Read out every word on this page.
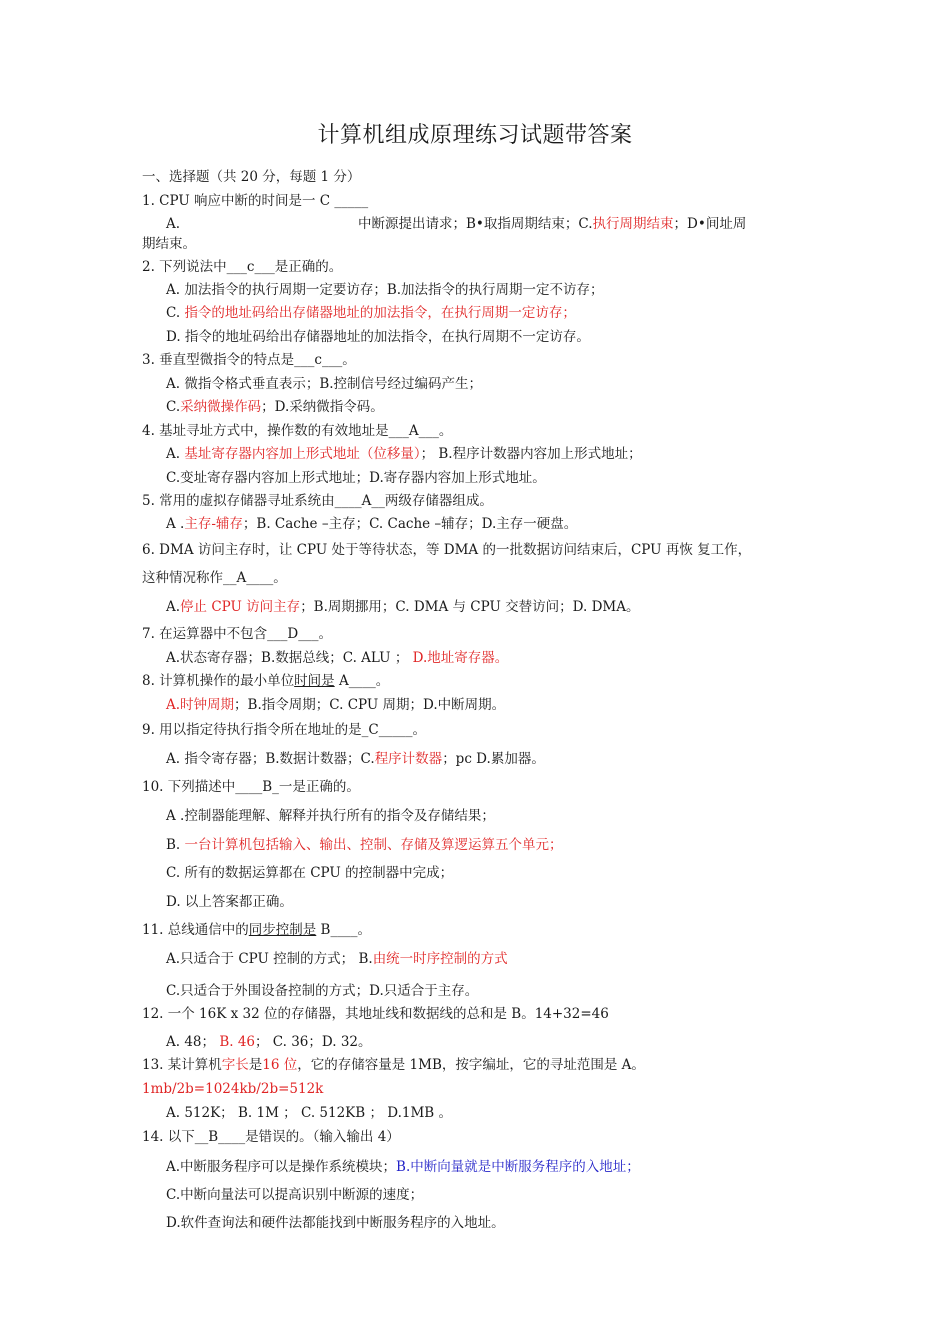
计算机组成原理练习试题带答案
一、选择题（共 20 分，每题 1 分）
1. CPU 响应中断的时间是一 C _____
A.	中断源提出请求；B•取指周期结束；C.执行周期结束；D•间址周
期结束。
2. 下列说法中___c___是正确的。
A. 加法指令的执行周期一定要访存；B.加法指令的执行周期一定不访存；
C. 指令的地址码给出存储器地址的加法指令，在执行周期一定访存；
D. 指令的地址码给出存储器地址的加法指令，在执行周期不一定访存。
3. 垂直型微指令的特点是___c___。
A. 微指令格式垂直表示；B.控制信号经过编码产生；
C.采纳微操作码；D.采纳微指令码。
4. 基址寻址方式中，操作数的有效地址是___A___。
A. 基址寄存器内容加上形式地址（位移量）； B.程序计数器内容加上形式地址；
C.变址寄存器内容加上形式地址；D.寄存器内容加上形式地址。
5. 常用的虚拟存储器寻址系统由____A__两级存储器组成。
A .主存-辅存；B. Cache –主存；C. Cache –辅存；D.主存一硬盘。
6. DMA 访问主存时，让 CPU 处于等待状态，等 DMA 的一批数据访问结束后，CPU 再恢 复工作，
这种情况称作__A____。
A.停止 CPU 访问主存；B.周期挪用；C. DMA 与 CPU 交替访问；D. DMA。
7. 在运算器中不包含___D___。
A.状态寄存器；B.数据总线；C. ALU ； D.地址寄存器。
8. 计算机操作的最小单位时间是 A____。
A.时钟周期；B.指令周期；C. CPU 周期；D.中断周期。
9. 用以指定待执行指令所在地址的是_C_____。
A. 指令寄存器；B.数据计数器；C.程序计数器；pc D.累加器。
10. 下列描述中____B_一是正确的。
A .控制器能理解、解释并执行所有的指令及存储结果；
B. 一台计算机包括输入、输出、控制、存储及算逻运算五个单元；
C. 所有的数据运算都在 CPU 的控制器中完成；
D. 以上答案都正确。
11. 总线通信中的同步控制是 B____。
A.只适合于 CPU 控制的方式； B.由统一时序控制的方式
C.只适合于外围设备控制的方式；D.只适合于主存。
12. 一个 16K x 32 位的存储器，其地址线和数据线的总和是 B。14+32=46
A. 48； B. 46； C. 36；D. 32。
13. 某计算机字长是16 位，它的存储容量是 1MB，按字编址，它的寻址范围是 A。
1mb/2b=1024kb/2b=512k
A. 512K； B. 1M ； C. 512KB ； D.1MB 。
14. 以下__B____是错误的。（输入输出 4）
A.中断服务程序可以是操作系统模块；B.中断向量就是中断服务程序的入地址；
C.中断向量法可以提高识别中断源的速度；
D.软件查询法和硬件法都能找到中断服务程序的入地址。
